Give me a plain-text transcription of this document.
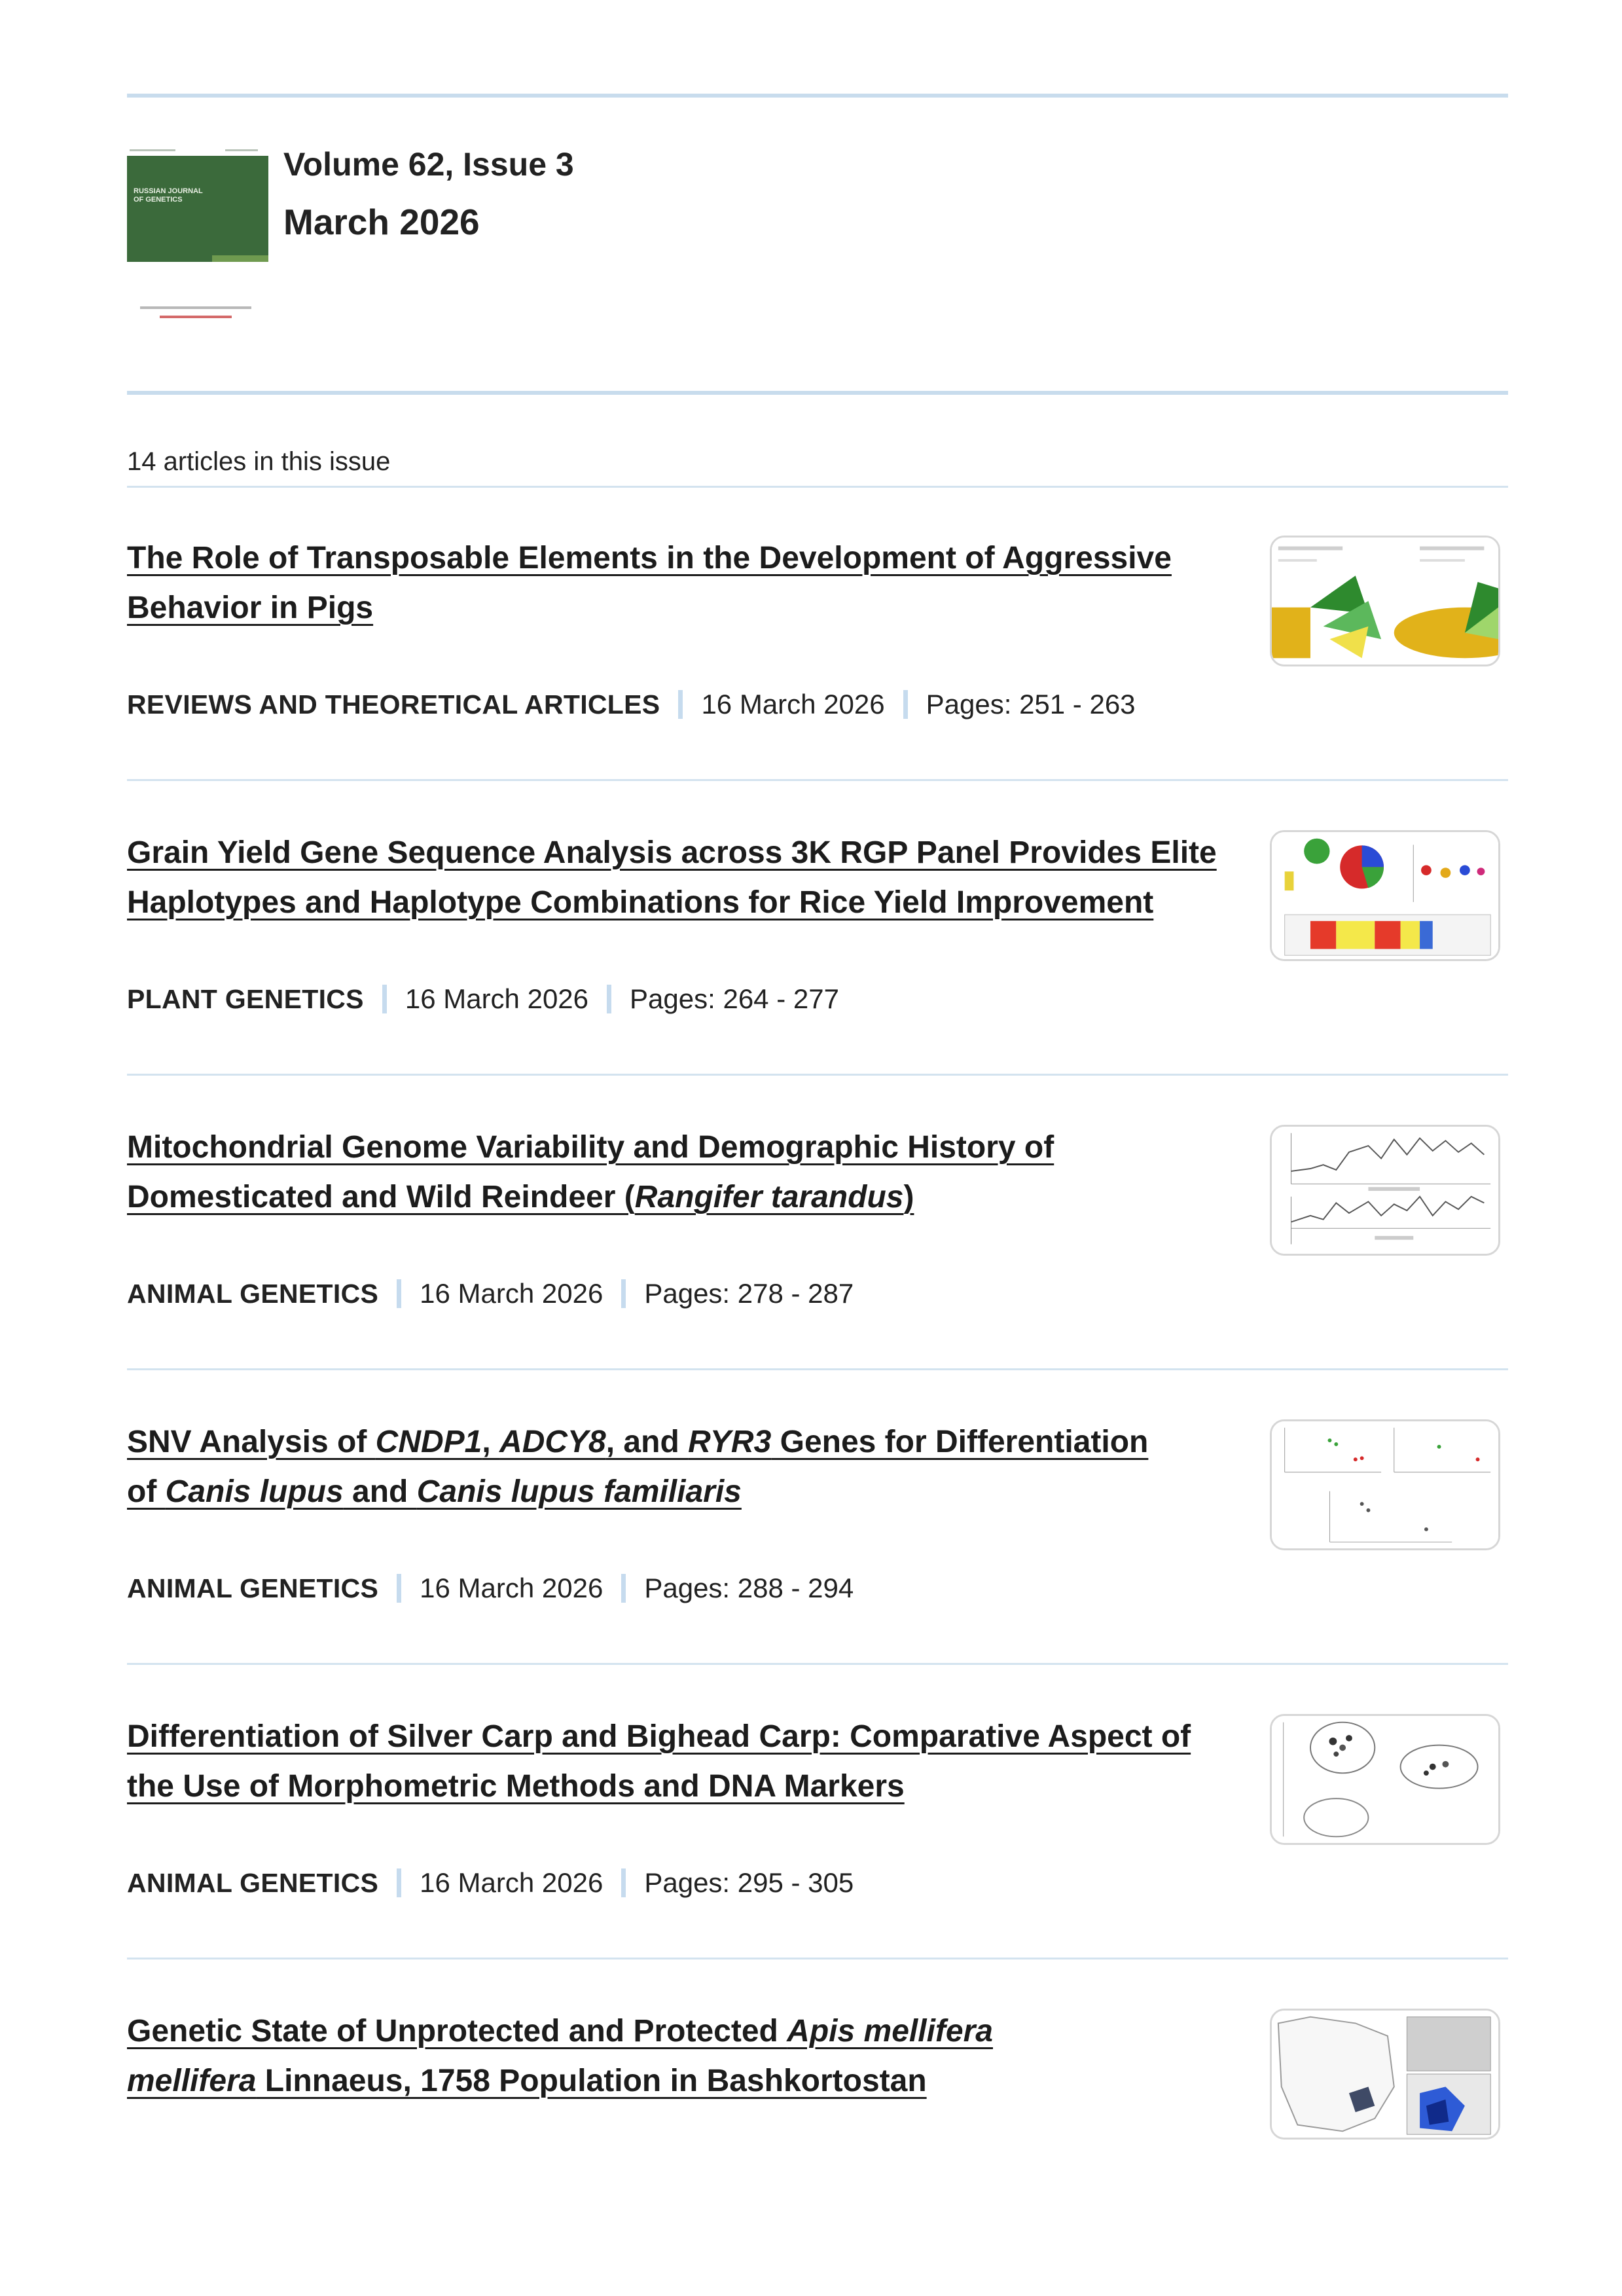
RUSSIAN JOURNAL
OF GENETICS
Volume 62, Issue 3
March 2026
14 articles in this issue
The Role of Transposable Elements in the Development of Aggressive
Behavior in Pigs
REVIEWS AND THEORETICAL ARTICLES 16 March 2026 Pages: 251 - 263
Grain Yield Gene Sequence Analysis across 3K RGP Panel Provides Elite
Haplotypes and Haplotype Combinations for Rice Yield Improvement
PLANT GENETICS 16 March 2026 Pages: 264 - 277
Mitochondrial Genome Variability and Demographic History of
Domesticated and Wild Reindeer (Rangifer tarandus)
ANIMAL GENETICS 16 March 2026 Pages: 278 - 287
SNV Analysis of CNDP1, ADCY8, and RYR3 Genes for Differentiation
of Canis lupus and Canis lupus familiaris
ANIMAL GENETICS 16 March 2026 Pages: 288 - 294
Differentiation of Silver Carp and Bighead Carp: Comparative Aspect of
the Use of Morphometric Methods and DNA Markers
ANIMAL GENETICS 16 March 2026 Pages: 295 - 305
Genetic State of Unprotected and Protected Apis mellifera
mellifera Linnaeus, 1758 Population in Bashkortostan
